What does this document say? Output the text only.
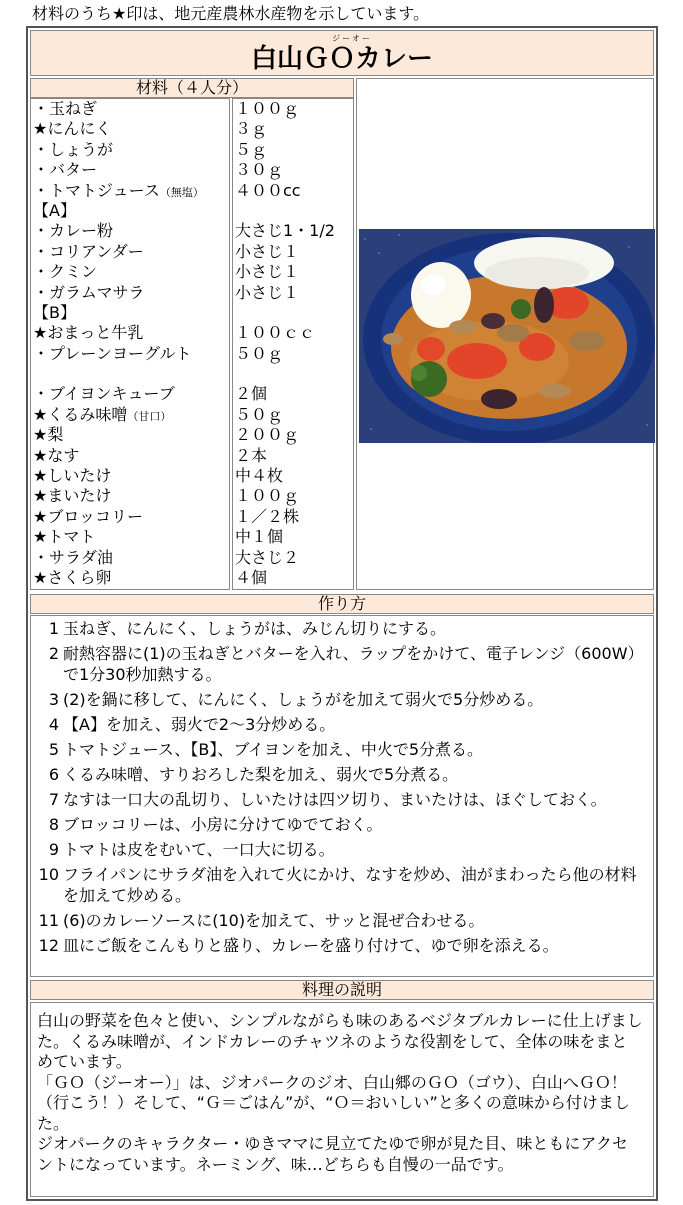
材料のうち★印は、地元産農林水産物を示しています。
ジーオー
白山ＧＯカレー
材料（４人分）
・玉ねぎ
★にんにく
・しょうが
・バター
・トマトジュース（無塩）
【A】
・カレー粉
・コリアンダー
・クミン
・ガラムマサラ
【B】
★おまっと牛乳
・プレーンヨーグルト
・ブイヨンキューブ
★くるみ味噌（甘口）
★梨
★なす
★しいたけ
★まいたけ
★ブロッコリー
★トマト
・サラダ油
★さくら卵
１００ｇ
３ｇ
５ｇ
３０ｇ
４００cc
大さじ1・1/2
小さじ１
小さじ１
小さじ１
１００ｃｃ
５０ｇ
２個
５０ｇ
２００ｇ
２本
中４枚
１００ｇ
１／２株
中１個
大さじ２
４個
作り方
1 玉ねぎ、にんにく、しょうがは、みじん切りにする。
2 耐熱容器に(1)の玉ねぎとバターを入れ、ラップをかけて、電子レンジ（600W）で1分30秒加熱する。
3 (2)を鍋に移して、にんにく、しょうがを加えて弱火で5分炒める。
4 【A】を加え、弱火で2～3分炒める。
5 トマトジュース、【B】、ブイヨンを加え、中火で5分煮る。
6 くるみ味噌、すりおろした梨を加え、弱火で5分煮る。
7 なすは一口大の乱切り、しいたけは四ツ切り、まいたけは、ほぐしておく。
8 ブロッコリーは、小房に分けてゆでておく。
9 トマトは皮をむいて、一口大に切る。
10 フライパンにサラダ油を入れて火にかけ、なすを炒め、油がまわったら他の材料を加えて炒める。
11 (6)のカレーソースに(10)を加えて、サッと混ぜ合わせる。
12 皿にご飯をこんもりと盛り、カレーを盛り付けて、ゆで卵を添える。
料理の説明

白山の野菜を色々と使い、シンプルながらも味のあるベジタブルカレーに仕上げました。くるみ味噌が、インドカレーのチャツネのような役割をして、全体の味をまとめています。

「ＧＯ（ジーオー）」は、ジオパークのジオ、白山郷のＧＯ（ゴウ）、白山へＧＯ！（行こう！）そして、“Ｇ＝ごはん”が、“Ｏ＝おいしい”と多くの意味から付けました。

ジオパークのキャラクター・ゆきママに見立てたゆで卵が見た目、味ともにアクセントになっています。ネーミング、味…どちらも自慢の一品です。
